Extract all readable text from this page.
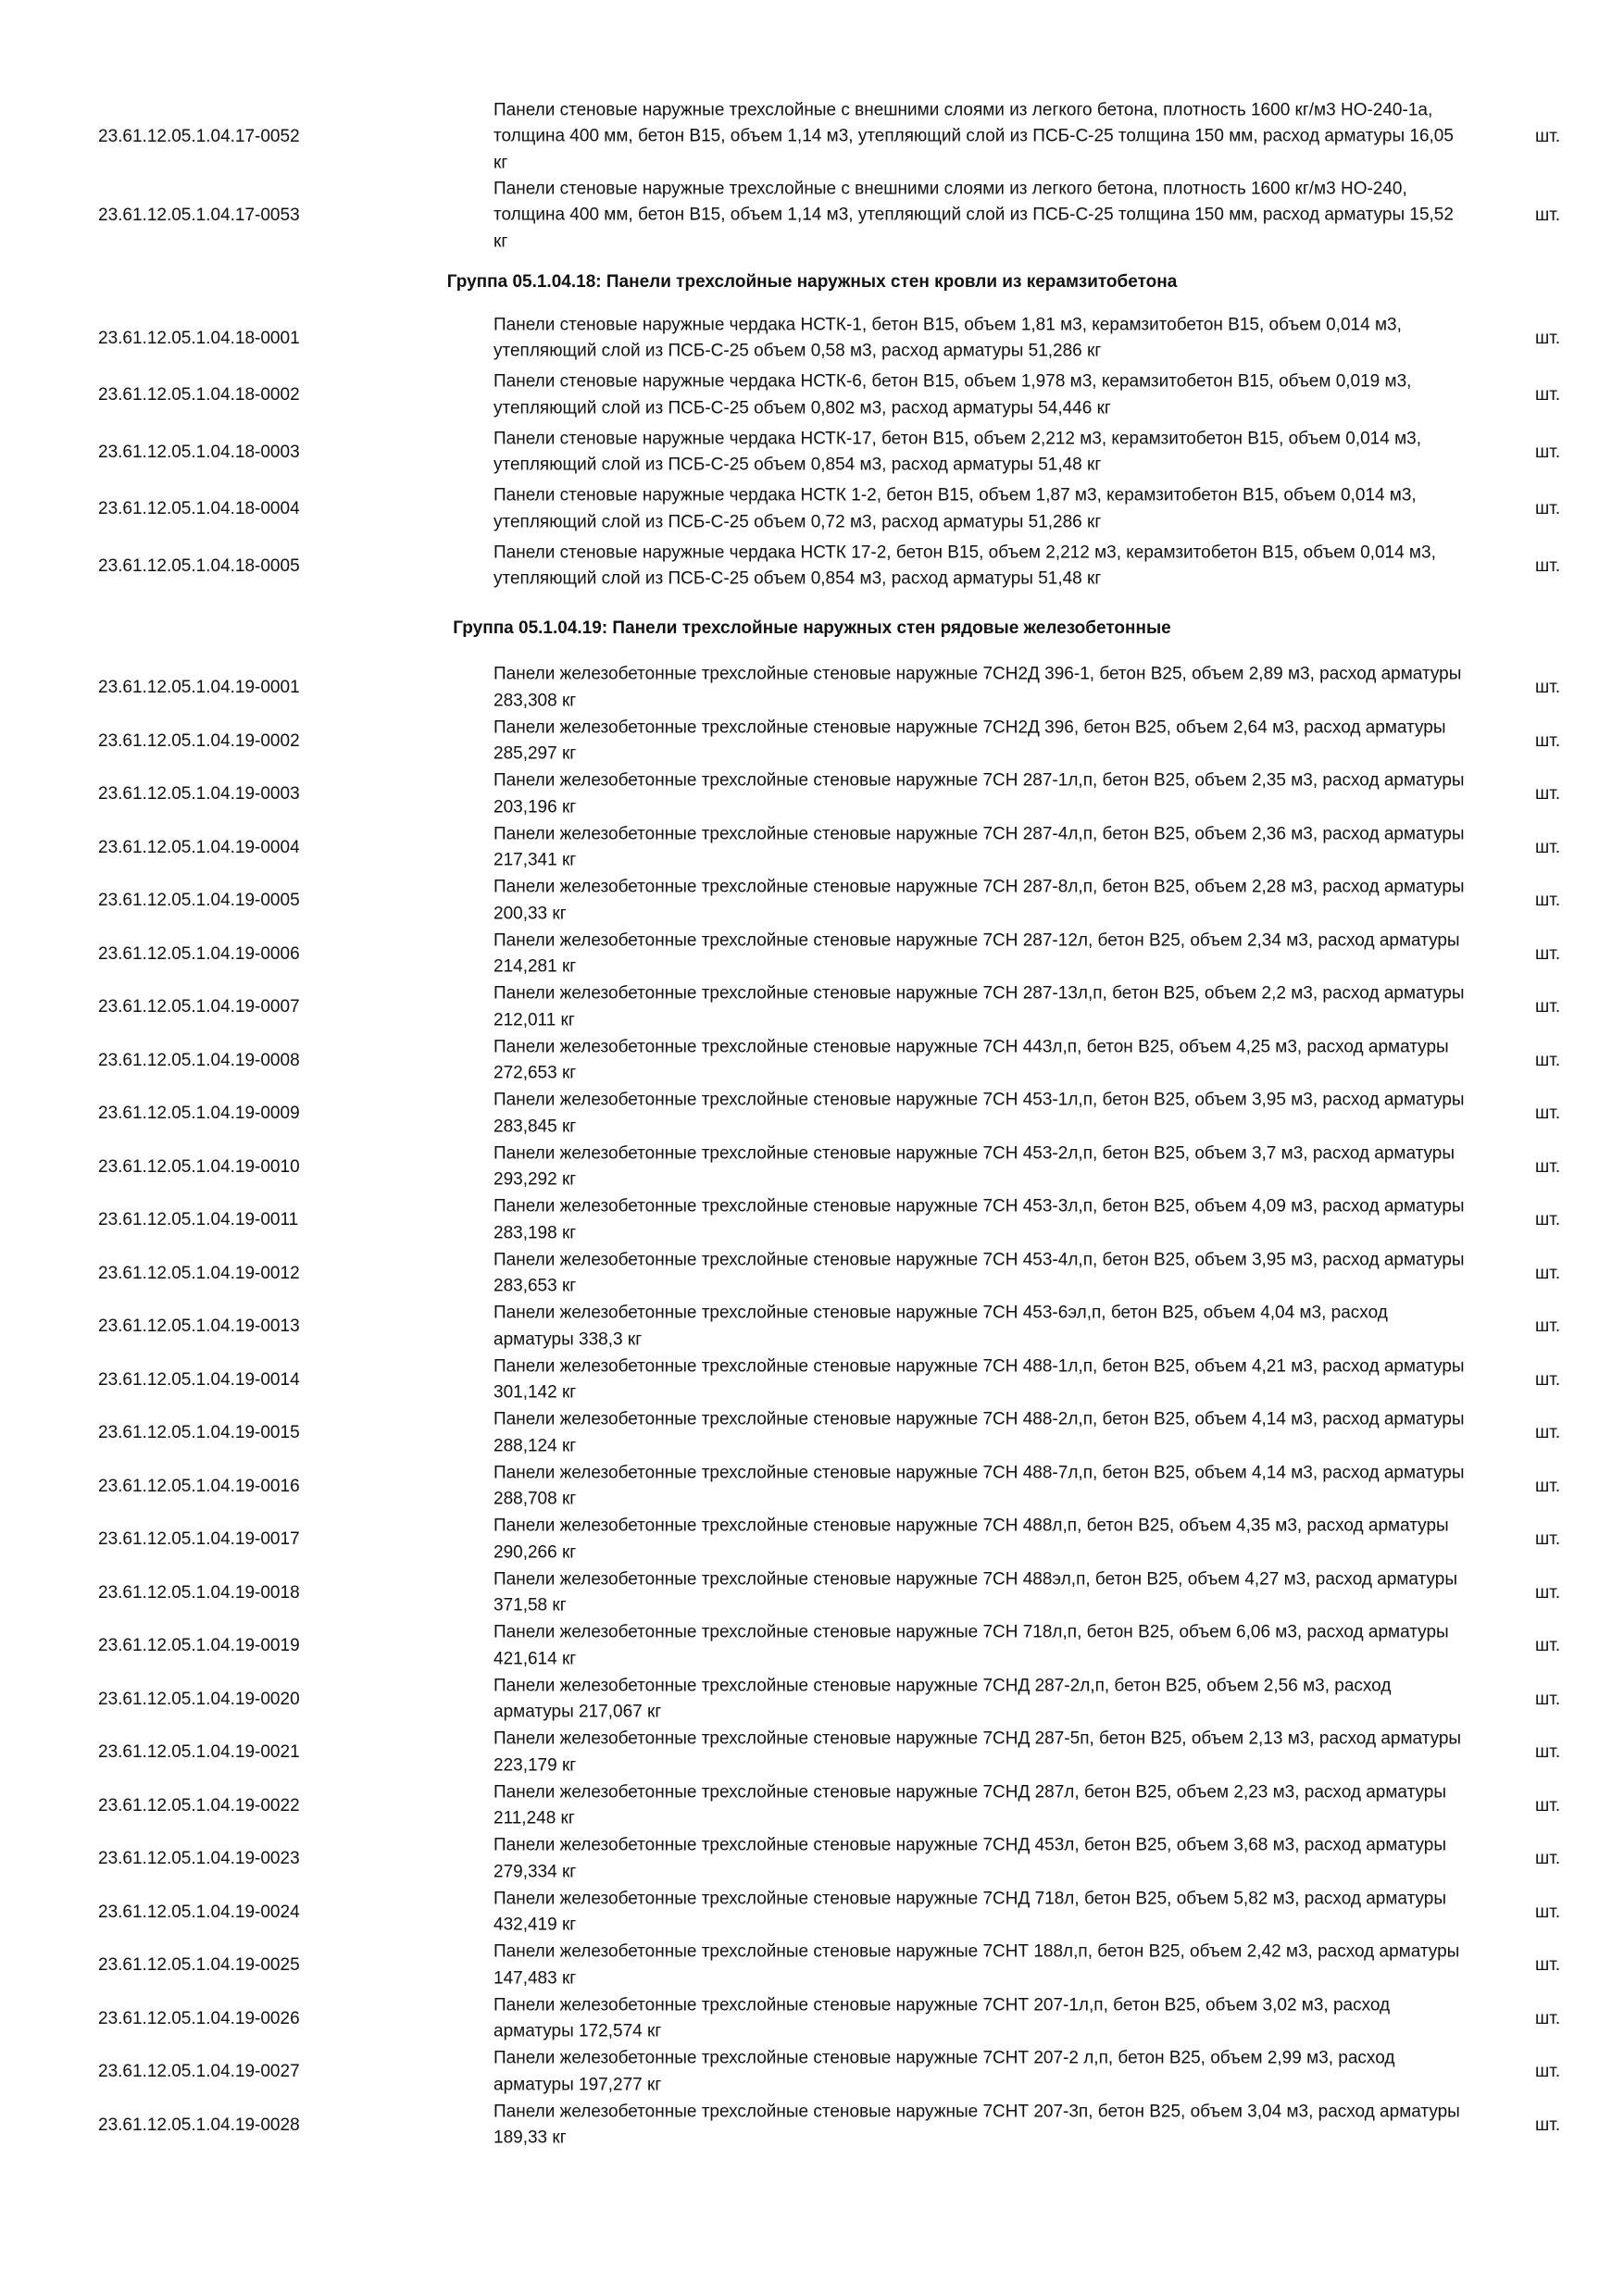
23.61.12.05.1.04.17-0052
Панели стеновые наружные трехслойные с внешними слоями из легкого бетона, плотность 1600 кг/м3 НО-240-1а, толщина 400 мм, бетон В15, объем 1,14 м3, утепляющий слой из ПСБ-С-25 толщина 150 мм, расход арматуры 16,05 кг
шт.
23.61.12.05.1.04.17-0053
Панели стеновые наружные трехслойные с внешними слоями из легкого бетона, плотность 1600 кг/м3 НО-240, толщина 400 мм, бетон В15, объем 1,14 м3, утепляющий слой из ПСБ-С-25 толщина 150 мм, расход арматуры 15,52 кг
шт.
Группа 05.1.04.18: Панели трехслойные наружных стен кровли из керамзитобетона
23.61.12.05.1.04.18-0001
Панели стеновые наружные чердака НСТК-1, бетон В15, объем 1,81 м3, керамзитобетон В15, объем 0,014 м3, утепляющий слой из ПСБ-С-25 объем 0,58 м3, расход арматуры 51,286 кг
шт.
23.61.12.05.1.04.18-0002
Панели стеновые наружные чердака НСТК-6, бетон В15, объем 1,978 м3, керамзитобетон В15, объем 0,019 м3, утепляющий слой из ПСБ-С-25 объем 0,802 м3, расход арматуры 54,446 кг
шт.
23.61.12.05.1.04.18-0003
Панели стеновые наружные чердака НСТК-17, бетон В15, объем 2,212 м3, керамзитобетон В15, объем 0,014 м3, утепляющий слой из ПСБ-С-25 объем 0,854 м3, расход арматуры 51,48 кг
шт.
23.61.12.05.1.04.18-0004
Панели стеновые наружные чердака НСТК 1-2, бетон В15, объем 1,87 м3, керамзитобетон В15, объем 0,014 м3, утепляющий слой из ПСБ-С-25 объем 0,72 м3, расход арматуры 51,286 кг
шт.
23.61.12.05.1.04.18-0005
Панели стеновые наружные чердака НСТК 17-2, бетон В15, объем 2,212 м3, керамзитобетон В15, объем 0,014 м3, утепляющий слой из ПСБ-С-25 объем 0,854 м3, расход арматуры 51,48 кг
шт.
Группа 05.1.04.19: Панели трехслойные наружных стен рядовые железобетонные
23.61.12.05.1.04.19-0001
Панели железобетонные трехслойные стеновые наружные 7СН2Д 396-1, бетон В25, объем 2,89 м3, расход арматуры 283,308 кг
шт.
23.61.12.05.1.04.19-0002
Панели железобетонные трехслойные стеновые наружные 7СН2Д 396, бетон В25, объем 2,64 м3, расход арматуры 285,297 кг
шт.
23.61.12.05.1.04.19-0003
Панели железобетонные трехслойные стеновые наружные 7СН 287-1л,п, бетон В25, объем 2,35 м3, расход арматуры 203,196 кг
шт.
23.61.12.05.1.04.19-0004
Панели железобетонные трехслойные стеновые наружные 7СН 287-4л,п, бетон В25, объем 2,36 м3, расход арматуры 217,341 кг
шт.
23.61.12.05.1.04.19-0005
Панели железобетонные трехслойные стеновые наружные 7СН 287-8л,п, бетон В25, объем 2,28 м3, расход арматуры 200,33 кг
шт.
23.61.12.05.1.04.19-0006
Панели железобетонные трехслойные стеновые наружные 7СН 287-12л, бетон В25, объем 2,34 м3, расход арматуры 214,281 кг
шт.
23.61.12.05.1.04.19-0007
Панели железобетонные трехслойные стеновые наружные 7СН 287-13л,п, бетон В25, объем 2,2 м3, расход арматуры 212,011 кг
шт.
23.61.12.05.1.04.19-0008
Панели железобетонные трехслойные стеновые наружные 7СН 443л,п, бетон В25, объем 4,25 м3, расход арматуры 272,653 кг
шт.
23.61.12.05.1.04.19-0009
Панели железобетонные трехслойные стеновые наружные 7СН 453-1л,п, бетон В25, объем 3,95 м3, расход арматуры 283,845 кг
шт.
23.61.12.05.1.04.19-0010
Панели железобетонные трехслойные стеновые наружные 7СН 453-2л,п, бетон В25, объем 3,7 м3, расход арматуры 293,292 кг
шт.
23.61.12.05.1.04.19-0011
Панели железобетонные трехслойные стеновые наружные 7СН 453-3л,п, бетон В25, объем 4,09 м3, расход арматуры 283,198 кг
шт.
23.61.12.05.1.04.19-0012
Панели железобетонные трехслойные стеновые наружные 7СН 453-4л,п, бетон В25, объем 3,95 м3, расход арматуры 283,653 кг
шт.
23.61.12.05.1.04.19-0013
Панели железобетонные трехслойные стеновые наружные 7СН 453-6эл,п, бетон В25, объем 4,04 м3, расход арматуры 338,3 кг
шт.
23.61.12.05.1.04.19-0014
Панели железобетонные трехслойные стеновые наружные 7СН 488-1л,п, бетон В25, объем 4,21 м3, расход арматуры 301,142 кг
шт.
23.61.12.05.1.04.19-0015
Панели железобетонные трехслойные стеновые наружные 7СН 488-2л,п, бетон В25, объем 4,14 м3, расход арматуры 288,124 кг
шт.
23.61.12.05.1.04.19-0016
Панели железобетонные трехслойные стеновые наружные 7СН 488-7л,п, бетон В25, объем 4,14 м3, расход арматуры 288,708 кг
шт.
23.61.12.05.1.04.19-0017
Панели железобетонные трехслойные стеновые наружные 7СН 488л,п, бетон В25, объем 4,35 м3, расход арматуры 290,266 кг
шт.
23.61.12.05.1.04.19-0018
Панели железобетонные трехслойные стеновые наружные 7СН 488эл,п, бетон В25, объем 4,27 м3, расход арматуры 371,58 кг
шт.
23.61.12.05.1.04.19-0019
Панели железобетонные трехслойные стеновые наружные 7СН 718л,п, бетон В25, объем 6,06 м3, расход арматуры 421,614 кг
шт.
23.61.12.05.1.04.19-0020
Панели железобетонные трехслойные стеновые наружные 7СНД 287-2л,п, бетон В25, объем 2,56 м3, расход арматуры 217,067 кг
шт.
23.61.12.05.1.04.19-0021
Панели железобетонные трехслойные стеновые наружные 7СНД 287-5п, бетон В25, объем 2,13 м3, расход арматуры 223,179 кг
шт.
23.61.12.05.1.04.19-0022
Панели железобетонные трехслойные стеновые наружные 7СНД 287л, бетон В25, объем 2,23 м3, расход арматуры 211,248 кг
шт.
23.61.12.05.1.04.19-0023
Панели железобетонные трехслойные стеновые наружные 7СНД 453л, бетон В25, объем 3,68 м3, расход арматуры 279,334 кг
шт.
23.61.12.05.1.04.19-0024
Панели железобетонные трехслойные стеновые наружные 7СНД 718л, бетон В25, объем 5,82 м3, расход арматуры 432,419 кг
шт.
23.61.12.05.1.04.19-0025
Панели железобетонные трехслойные стеновые наружные 7СНТ 188л,п, бетон В25, объем 2,42 м3, расход арматуры 147,483 кг
шт.
23.61.12.05.1.04.19-0026
Панели железобетонные трехслойные стеновые наружные 7СНТ 207-1л,п, бетон В25, объем 3,02 м3, расход арматуры 172,574 кг
шт.
23.61.12.05.1.04.19-0027
Панели железобетонные трехслойные стеновые наружные 7СНТ 207-2 л,п, бетон В25, объем 2,99 м3, расход арматуры 197,277 кг
шт.
23.61.12.05.1.04.19-0028
Панели железобетонные трехслойные стеновые наружные 7СНТ 207-3п, бетон В25, объем 3,04 м3, расход арматуры 189,33 кг
шт.
